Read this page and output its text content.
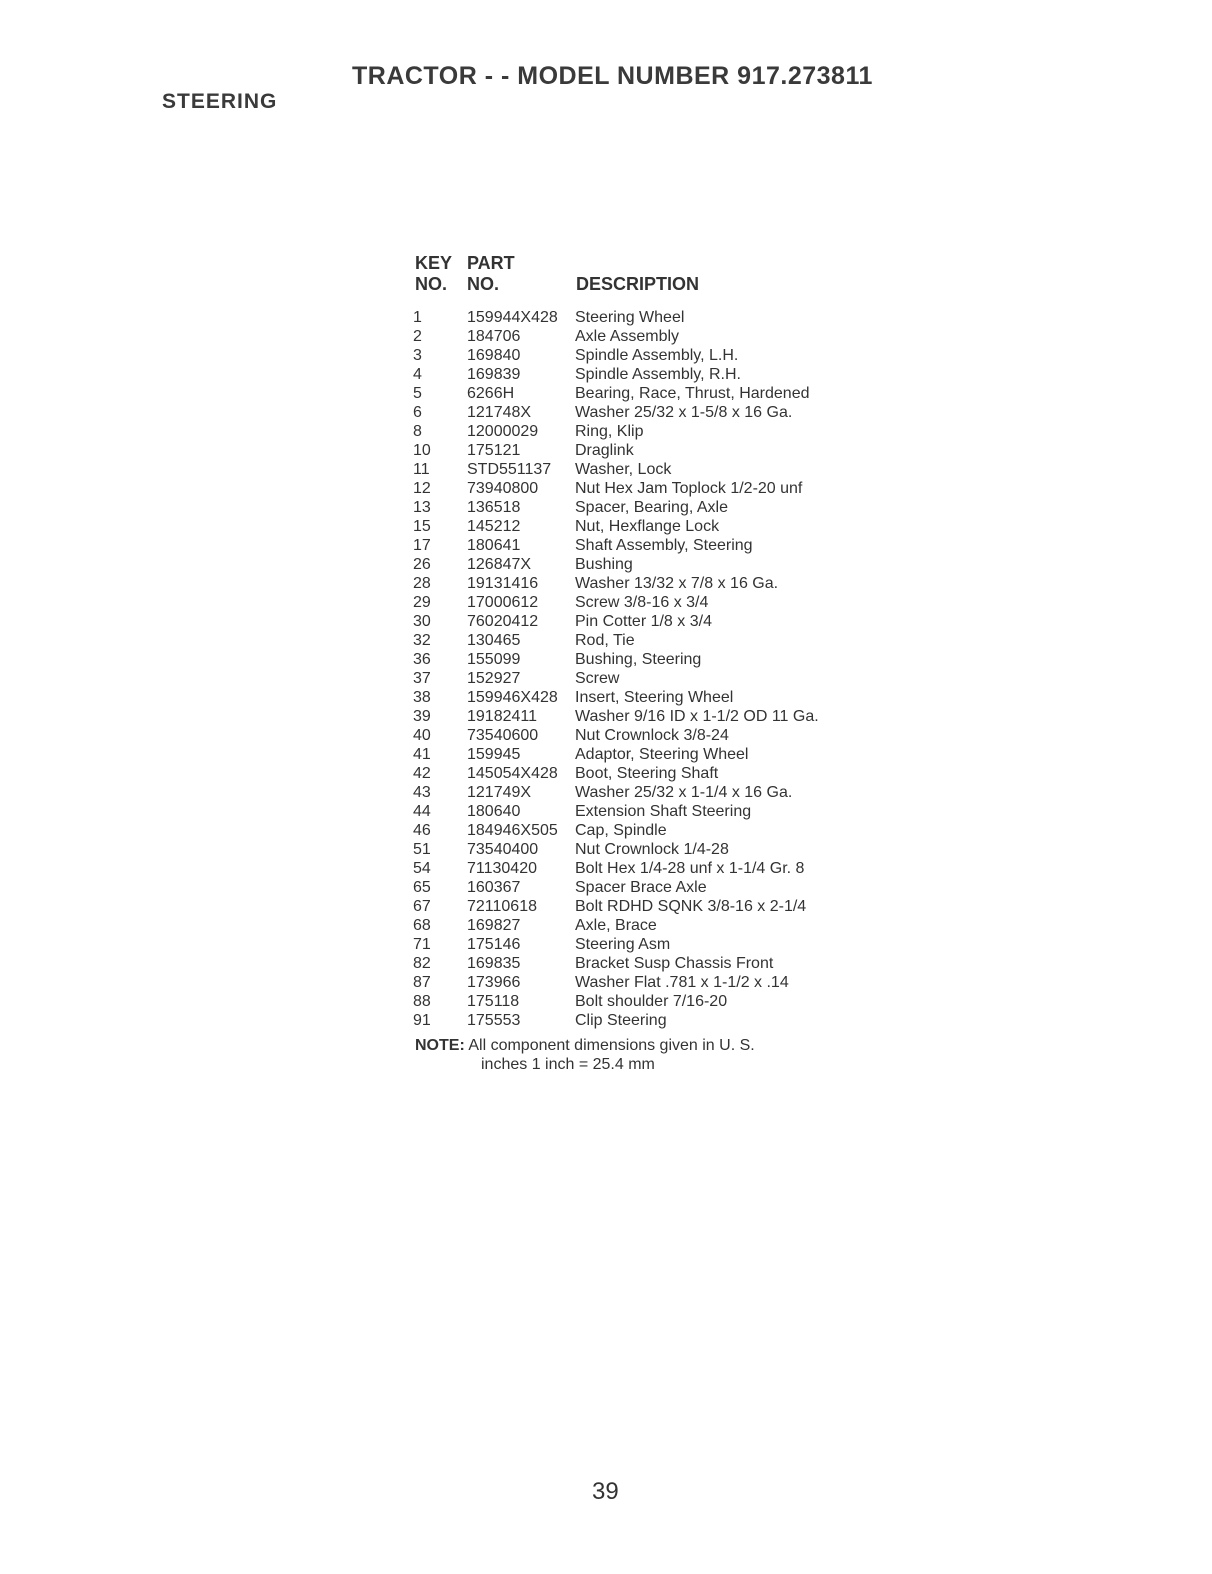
TRACTOR - - MODEL NUMBER 917.273811
STEERING
KEY
NO.
PART
NO.	DESCRIPTION
1	159944X428	Steering Wheel
2	184706	Axle Assembly
3	169840	Spindle Assembly, L.H.
4	169839	Spindle Assembly, R.H.
5	6266H	Bearing, Race, Thrust, Hardened
6	121748X	Washer 25/32 x 1-5/8 x 16 Ga.
8	12000029	Ring, Klip
10	175121	Draglink
11	STD551137	Washer, Lock
12	73940800	Nut Hex Jam Toplock 1/2-20 unf
13	136518	Spacer, Bearing, Axle
15	145212	Nut, Hexflange Lock
17	180641	Shaft Assembly, Steering
26	126847X	Bushing
28	19131416	Washer 13/32 x 7/8 x 16 Ga.
29	17000612	Screw 3/8-16 x 3/4
30	76020412	Pin Cotter 1/8 x 3/4
32	130465	Rod, Tie
36	155099	Bushing, Steering
37	152927	Screw
38	159946X428	Insert, Steering Wheel
39	19182411	Washer 9/16 ID x 1-1/2 OD 11 Ga.
40	73540600	Nut Crownlock 3/8-24
41	159945	Adaptor, Steering Wheel
42	145054X428	Boot, Steering Shaft
43	121749X	Washer 25/32 x 1-1/4 x 16 Ga.
44	180640	Extension Shaft Steering
46	184946X505	Cap, Spindle
51	73540400	Nut Crownlock 1/4-28
54	71130420	Bolt Hex 1/4-28 unf x 1-1/4 Gr. 8
65	160367	Spacer Brace Axle
67	72110618	Bolt RDHD SQNK 3/8-16 x 2-1/4
68	169827	Axle, Brace
71	175146	Steering Asm
82	169835	Bracket Susp Chassis Front
87	173966	Washer Flat .781 x 1-1/2 x .14
88	175118	Bolt shoulder 7/16-20
91	175553	Clip Steering
NOTE: All component dimensions given in U. S.
inches 1 inch = 25.4 mm
39
